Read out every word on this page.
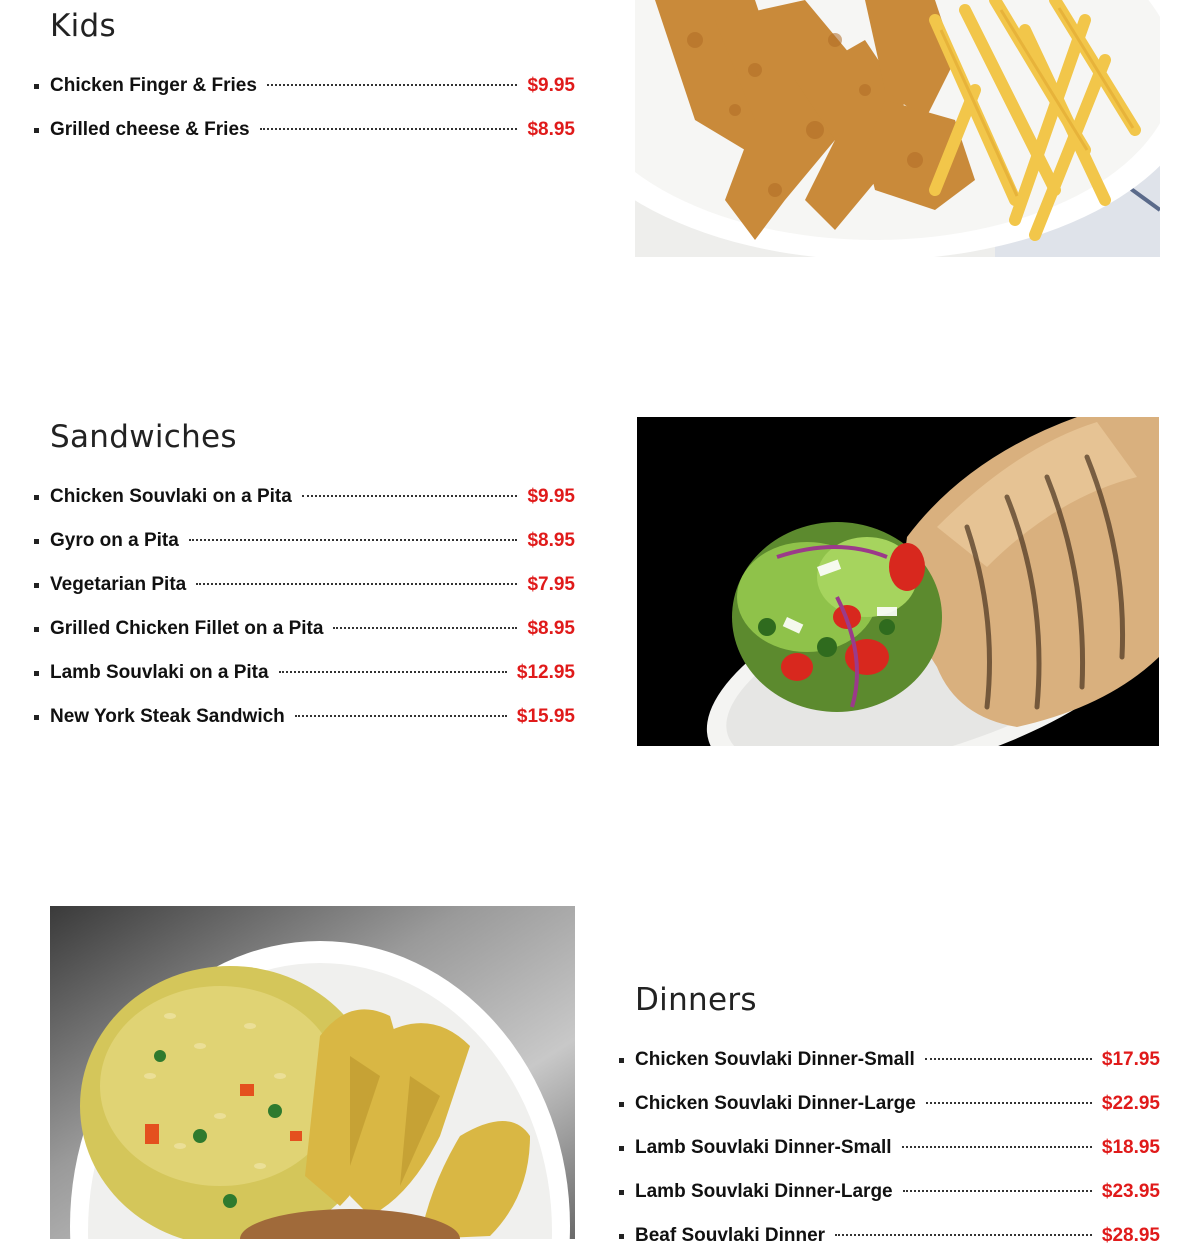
Kids
Chicken Finger & Fries	$9.95
Grilled cheese & Fries	$8.95
Sandwiches
Chicken Souvlaki on a Pita	$9.95
Gyro on a Pita	$8.95
Vegetarian Pita	$7.95
Grilled Chicken Fillet on a Pita	$8.95
Lamb Souvlaki on a Pita	$12.95
New York Steak Sandwich	$15.95
Dinners
Chicken Souvlaki Dinner-Small	$17.95
Chicken Souvlaki Dinner-Large	$22.95
Lamb Souvlaki Dinner-Small	$18.95
Lamb Souvlaki Dinner-Large	$23.95
Beaf Souvlaki Dinner	$28.95
